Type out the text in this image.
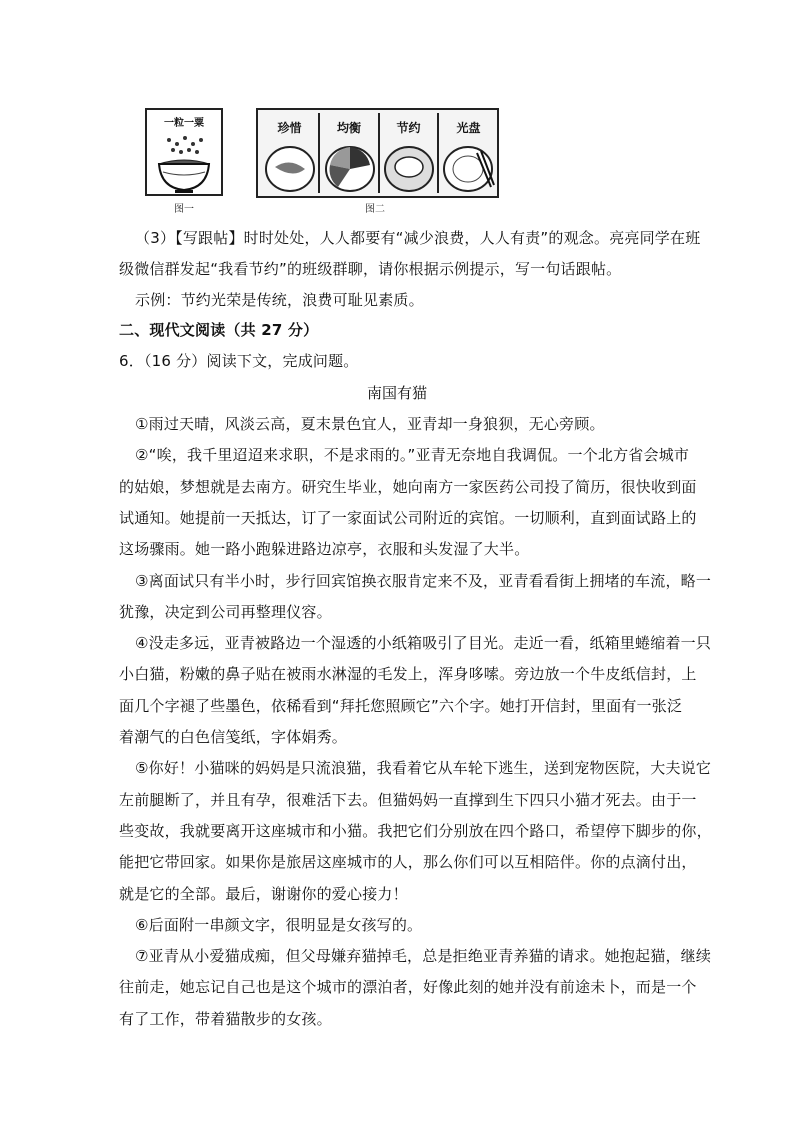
一粒一粟
图一
珍惜	均衡	节约	光盘
图二
（3）【写跟帖】时时处处，人人都要有“减少浪费，人人有责”的观念。亮亮同学在班
级微信群发起“我看节约”的班级群聊，请你根据示例提示，写一句话跟帖。
示例：节约光荣是传统，浪费可耻见素质。
二、现代文阅读（共 27 分）
6．（16 分）阅读下文，完成问题。
南国有猫
①雨过天晴，风淡云高，夏末景色宜人，亚青却一身狼狈，无心旁顾。
②“唉，我千里迢迢来求职，不是求雨的。”亚青无奈地自我调侃。一个北方省会城市
的姑娘，梦想就是去南方。研究生毕业，她向南方一家医药公司投了简历，很快收到面
试通知。她提前一天抵达，订了一家面试公司附近的宾馆。一切顺利，直到面试路上的
这场骤雨。她一路小跑躲进路边凉亭，衣服和头发湿了大半。
③离面试只有半小时，步行回宾馆换衣服肯定来不及，亚青看看街上拥堵的车流，略一
犹豫，决定到公司再整理仪容。
④没走多远，亚青被路边一个湿透的小纸箱吸引了目光。走近一看，纸箱里蜷缩着一只
小白猫，粉嫩的鼻子贴在被雨水淋湿的毛发上，浑身哆嗦。旁边放一个牛皮纸信封，上
面几个字褪了些墨色，依稀看到“拜托您照顾它”六个字。她打开信封，里面有一张泛
着潮气的白色信笺纸，字体娟秀。
⑤你好！小猫咪的妈妈是只流浪猫，我看着它从车轮下逃生，送到宠物医院，大夫说它
左前腿断了，并且有孕，很难活下去。但猫妈妈一直撑到生下四只小猫才死去。由于一
些变故，我就要离开这座城市和小猫。我把它们分别放在四个路口，希望停下脚步的你，
能把它带回家。如果你是旅居这座城市的人，那么你们可以互相陪伴。你的点滴付出，
就是它的全部。最后，谢谢你的爱心接力！
⑥后面附一串颜文字，很明显是女孩写的。
⑦亚青从小爱猫成痴，但父母嫌弃猫掉毛，总是拒绝亚青养猫的请求。她抱起猫，继续
往前走，她忘记自己也是这个城市的漂泊者，好像此刻的她并没有前途未卜，而是一个
有了工作，带着猫散步的女孩。
